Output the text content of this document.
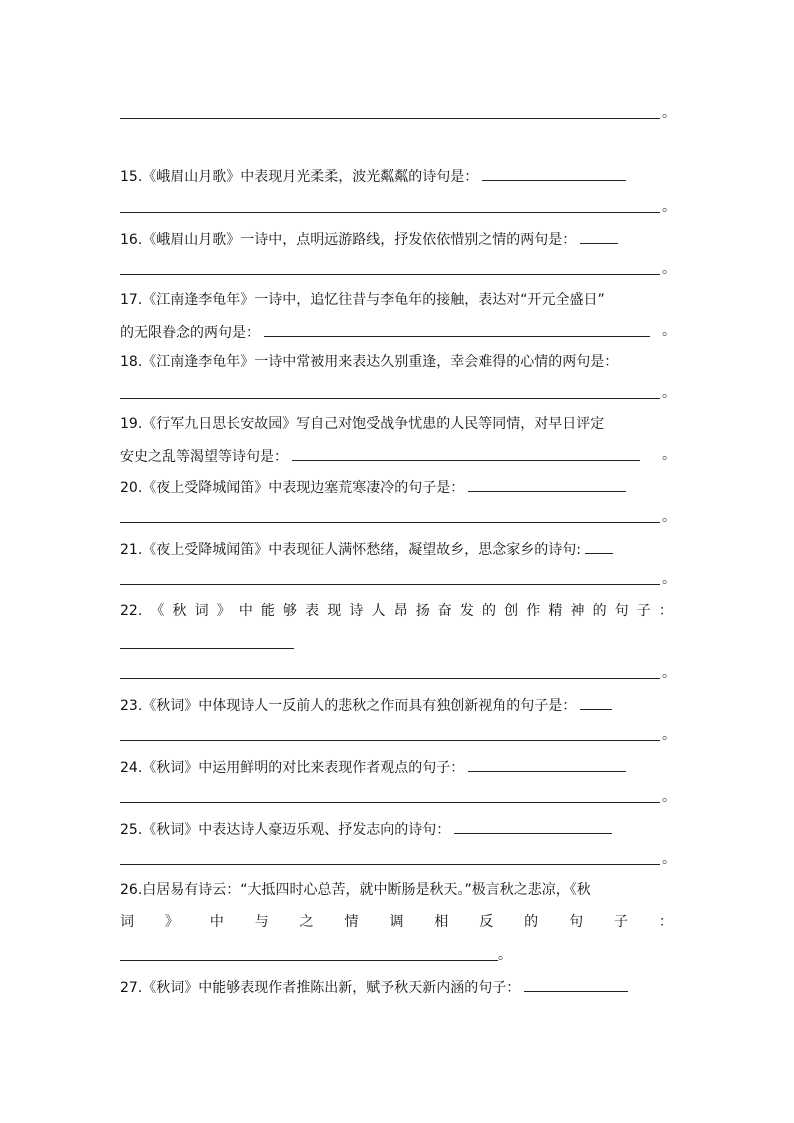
。
15.《峨眉山月歌》中表现月光柔柔，波光粼粼的诗句是：
。
16.《峨眉山月歌》一诗中，点明远游路线，抒发依依惜别之情的两句是：
。
17.《江南逢李龟年》一诗中，追忆往昔与李龟年的接触，表达对“开元全盛日”
的无限眷念的两句是：	。
18.《江南逢李龟年》一诗中常被用来表达久别重逢，幸会难得的心情的两句是：
。
19.《行军九日思长安故园》写自己对饱受战争忧患的人民等同情，对早日评定
安史之乱等渴望等诗句是：	。
20.《夜上受降城闻笛》中表现边塞荒寒凄冷的句子是：
。
21.《夜上受降城闻笛》中表现征人满怀愁绪，凝望故乡，思念家乡的诗句:
。
22. 《 秋 词 》 中 能 够 表 现 诗 人 昂 扬 奋 发 的 创 作 精 神 的 句 子 ：
。
23.《秋词》中体现诗人一反前人的悲秋之作而具有独创新视角的句子是：
。
24.《秋词》中运用鲜明的对比来表现作者观点的句子：
。
25.《秋词》中表达诗人豪迈乐观、抒发志向的诗句：
。
26.白居易有诗云：“大抵四时心总苦，就中断肠是秋天。”极言秋之悲凉，《秋
词 》 中 与 之 情 调 相 反 的 句 子 ：
。
27.《秋词》中能够表现作者推陈出新，赋予秋天新内涵的句子：
